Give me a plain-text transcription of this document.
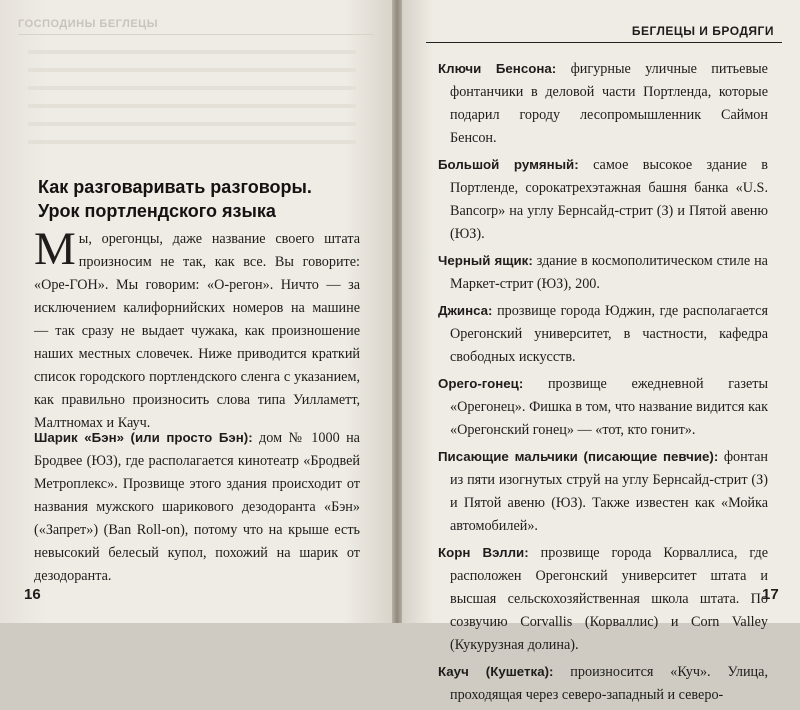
ГОСПОДИНЫ БЕГЛЕЦЫ
Как разговаривать разговоры.
Урок портлендского языка

Мы, орегонцы, даже название своего штата произносим не так, как все. Вы говорите: «Оре-ГОН». Мы говорим: «О-регон». Ничто — за исключением калифорнийских номеров на машине — так сразу не выдает чужака, как произношение наших местных словечек. Ниже приводится краткий список городского портлендского сленга с указанием, как правильно произносить слова типа Уилламетт, Малтномах и Кауч.

Шарик «Бэн» (или просто Бэн): дом № 1000 на Бродвее (ЮЗ), где располагается кинотеатр «Бродвей Метроплекс». Прозвище этого здания происходит от названия мужского шарикового дезодоранта «Бэн» («Запрет») (Ban Roll-on), потому что на крыше есть невысокий белесый купол, похожий на шарик от дезодоранта.

16
БЕГЛЕЦЫ И БРОДЯГИ

Ключи Бенсона: фигурные уличные питьевые фонтанчики в деловой части Портленда, которые подарил городу лесопромышленник Саймон Бенсон.

Большой румяный: самое высокое здание в Портленде, сорокатрехэтажная башня банка «U.S. Bancorp» на углу Бернсайд-стрит (З) и Пятой авеню (ЮЗ).

Черный ящик: здание в космополитическом стиле на Маркет-стрит (ЮЗ), 200.

Джинса: прозвище города Юджин, где располагается Орегонский университет, в частности, кафедра свободных искусств.

Орего-гонец: прозвище ежедневной газеты «Орегонец». Фишка в том, что название видится как «Орегонский гонец» — «тот, кто гонит».

Писающие мальчики (писающие певчие): фонтан из пяти изогнутых струй на углу Бернсайд-стрит (З) и Пятой авеню (ЮЗ). Также известен как «Мойка автомобилей».

Корн Вэлли: прозвище города Корваллиса, где расположен Орегонский университет штата и высшая сельскохозяйственная школа штата. По созвучию Corvallis (Корваллис) и Corn Valley (Кукурузная долина).

Кауч (Кушетка): произносится «Куч». Улица, проходящая через северо-западный и северо-

17
